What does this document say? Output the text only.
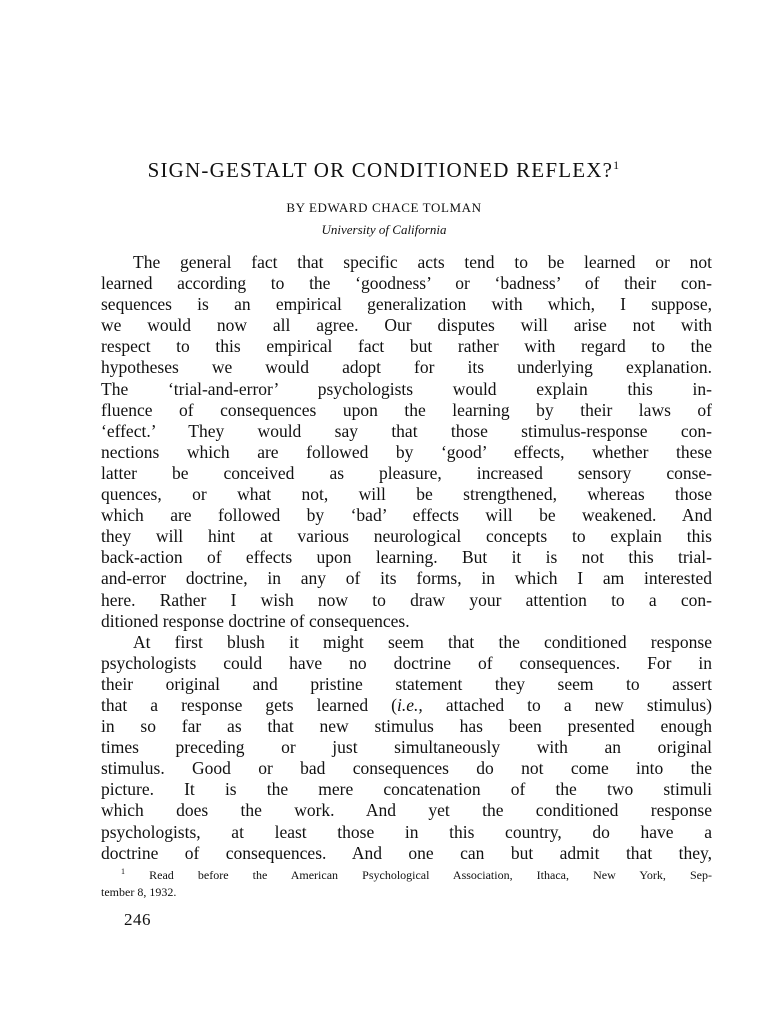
SIGN-GESTALT OR CONDITIONED REFLEX?$^1$
BY EDWARD CHACE TOLMAN
University of California
The general fact that specific acts tend to be learned or not
learned according to the ‘goodness’ or ‘badness’ of their con-
sequences is an empirical generalization with which, I suppose,
we would now all agree. Our disputes will arise not with
respect to this empirical fact but rather with regard to the
hypotheses we would adopt for its underlying explanation.
The ‘trial-and-error’ psychologists would explain this in-
fluence of consequences upon the learning by their laws of
‘effect.’ They would say that those stimulus-response con-
nections which are followed by ‘good’ effects, whether these
latter be conceived as pleasure, increased sensory conse-
quences, or what not, will be strengthened, whereas those
which are followed by ‘bad’ effects will be weakened. And
they will hint at various neurological concepts to explain this
back-action of effects upon learning. But it is not this trial-
and-error doctrine, in any of its forms, in which I am interested
here. Rather I wish now to draw your attention to a con-
ditioned response doctrine of consequences.
At first blush it might seem that the conditioned response
psychologists could have no doctrine of consequences. For in
their original and pristine statement they seem to assert
that a response gets learned (i.e., attached to a new stimulus)
in so far as that new stimulus has been presented enough
times preceding or just simultaneously with an original
stimulus. Good or bad consequences do not come into the
picture. It is the mere concatenation of the two stimuli
which does the work. And yet the conditioned response
psychologists, at least those in this country, do have a
doctrine of consequences. And one can but admit that they,
$^1$ Read before the American Psychological Association, Ithaca, New York, Sep-
tember 8, 1932.
246
